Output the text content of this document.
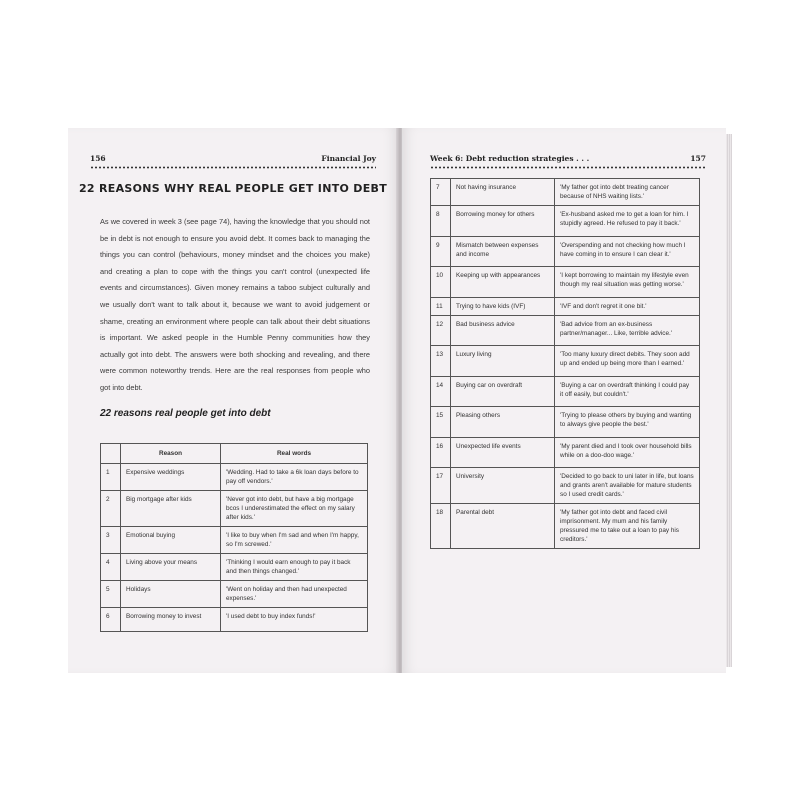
156	Financial Joy
22 REASONS WHY REAL PEOPLE GET INTO DEBT

As we covered in week 3 (see page 74), having the knowledge that you should not be in debt is not enough to ensure you avoid debt. It comes back to managing the things you can control (behaviours, money mindset and the choices you make) and creating a plan to cope with the things you can't control (unexpected life events and circumstances). Given money remains a taboo subject culturally and we usually don't want to talk about it, because we want to avoid judgement or shame, creating an environment where people can talk about their debt situations is important. We asked people in the Humble Penny communities how they actually got into debt. The answers were both shocking and revealing, and there were common noteworthy trends. Here are the real responses from people who got into debt.

22 reasons real people get into debt

	Reason	Real words
1	Expensive weddings	'Wedding. Had to take a 6k loan days before to pay off vendors.'
2	Big mortgage after kids	'Never got into debt, but have a big mortgage bcos I underestimated the effect on my salary after kids.'
3	Emotional buying	'I like to buy when I'm sad and when I'm happy, so I'm screwed.'
4	Living above your means	'Thinking I would earn enough to pay it back and then things changed.'
5	Holidays	'Went on holiday and then had unexpected expenses.'
6	Borrowing money to invest	'I used debt to buy index funds!'
Week 6: Debt reduction strategies . . .	157
7	Not having insurance	'My father got into debt treating cancer because of NHS waiting lists.'
8	Borrowing money for others	'Ex-husband asked me to get a loan for him. I stupidly agreed. He refused to pay it back.'
9	Mismatch between expenses and income	'Overspending and not checking how much I have coming in to ensure I can clear it.'
10	Keeping up with appearances	'I kept borrowing to maintain my lifestyle even though my real situation was getting worse.'
11	Trying to have kids (IVF)	'IVF and don't regret it one bit.'
12	Bad business advice	'Bad advice from an ex-business partner/manager... Like, terrible advice.'
13	Luxury living	'Too many luxury direct debits. They soon add up and ended up being more than I earned.'
14	Buying car on overdraft	'Buying a car on overdraft thinking I could pay it off easily, but couldn't.'
15	Pleasing others	'Trying to please others by buying and wanting to always give people the best.'
16	Unexpected life events	'My parent died and I took over household bills while on a doo-doo wage.'
17	University	'Decided to go back to uni later in life, but loans and grants aren't available for mature students so I used credit cards.'
18	Parental debt	'My father got into debt and faced civil imprisonment. My mum and his family pressured me to take out a loan to pay his creditors.'
